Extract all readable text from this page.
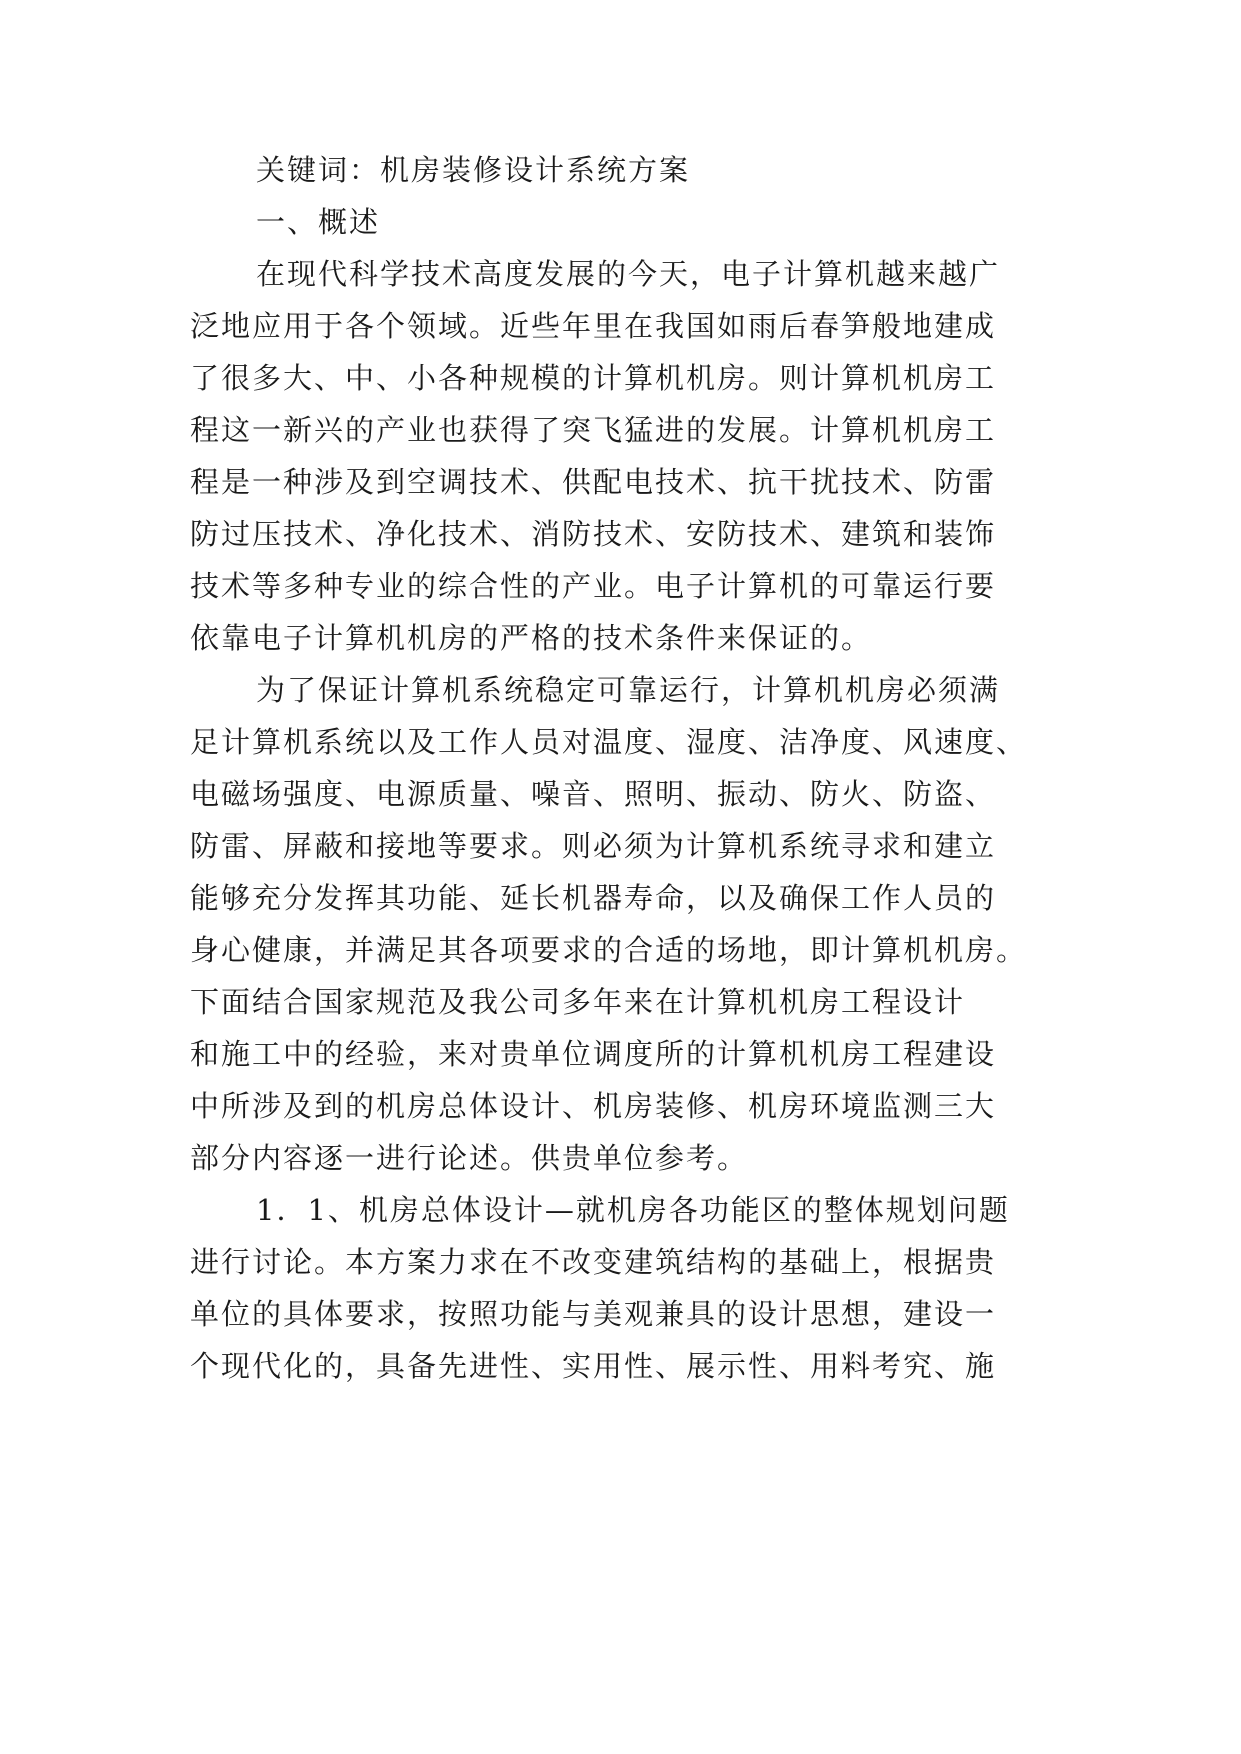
关键词：机房装修设计系统方案
一、概述
在现代科学技术高度发展的今天，电子计算机越来越广
泛地应用于各个领域。近些年里在我国如雨后春笋般地建成
了很多大、中、小各种规模的计算机机房。则计算机机房工
程这一新兴的产业也获得了突飞猛进的发展。计算机机房工
程是一种涉及到空调技术、供配电技术、抗干扰技术、防雷
防过压技术、净化技术、消防技术、安防技术、建筑和装饰
技术等多种专业的综合性的产业。电子计算机的可靠运行要
依靠电子计算机机房的严格的技术条件来保证的。
为了保证计算机系统稳定可靠运行，计算机机房必须满
足计算机系统以及工作人员对温度、湿度、洁净度、风速度、
电磁场强度、电源质量、噪音、照明、振动、防火、防盗、
防雷、屏蔽和接地等要求。则必须为计算机系统寻求和建立
能够充分发挥其功能、延长机器寿命，以及确保工作人员的
身心健康，并满足其各项要求的合适的场地，即计算机机房。
下面结合国家规范及我公司多年来在计算机机房工程设计
和施工中的经验，来对贵单位调度所的计算机机房工程建设
中所涉及到的机房总体设计、机房装修、机房环境监测三大
部分内容逐一进行论述。供贵单位参考。
1．1、机房总体设计—就机房各功能区的整体规划问题
进行讨论。本方案力求在不改变建筑结构的基础上，根据贵
单位的具体要求，按照功能与美观兼具的设计思想，建设一
个现代化的，具备先进性、实用性、展示性、用料考究、施
